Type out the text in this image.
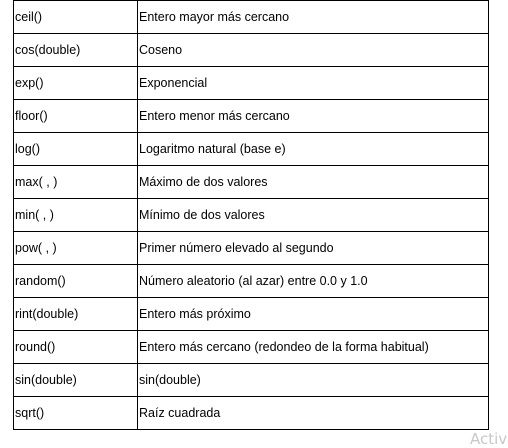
ceil()	Entero mayor más cercano
cos(double)	Coseno
exp()	Exponencial
floor()	Entero menor más cercano
log()	Logaritmo natural (base e)
max( , )	Máximo de dos valores
min( , )	Mínimo de dos valores
pow( , )	Primer número elevado al segundo
random()	Número aleatorio (al azar) entre 0.0 y 1.0
rint(double)	Entero más próximo
round()	Entero más cercano (redondeo de la forma habitual)
sin(double)	sin(double)
sqrt()	Raíz cuadrada
Activ
